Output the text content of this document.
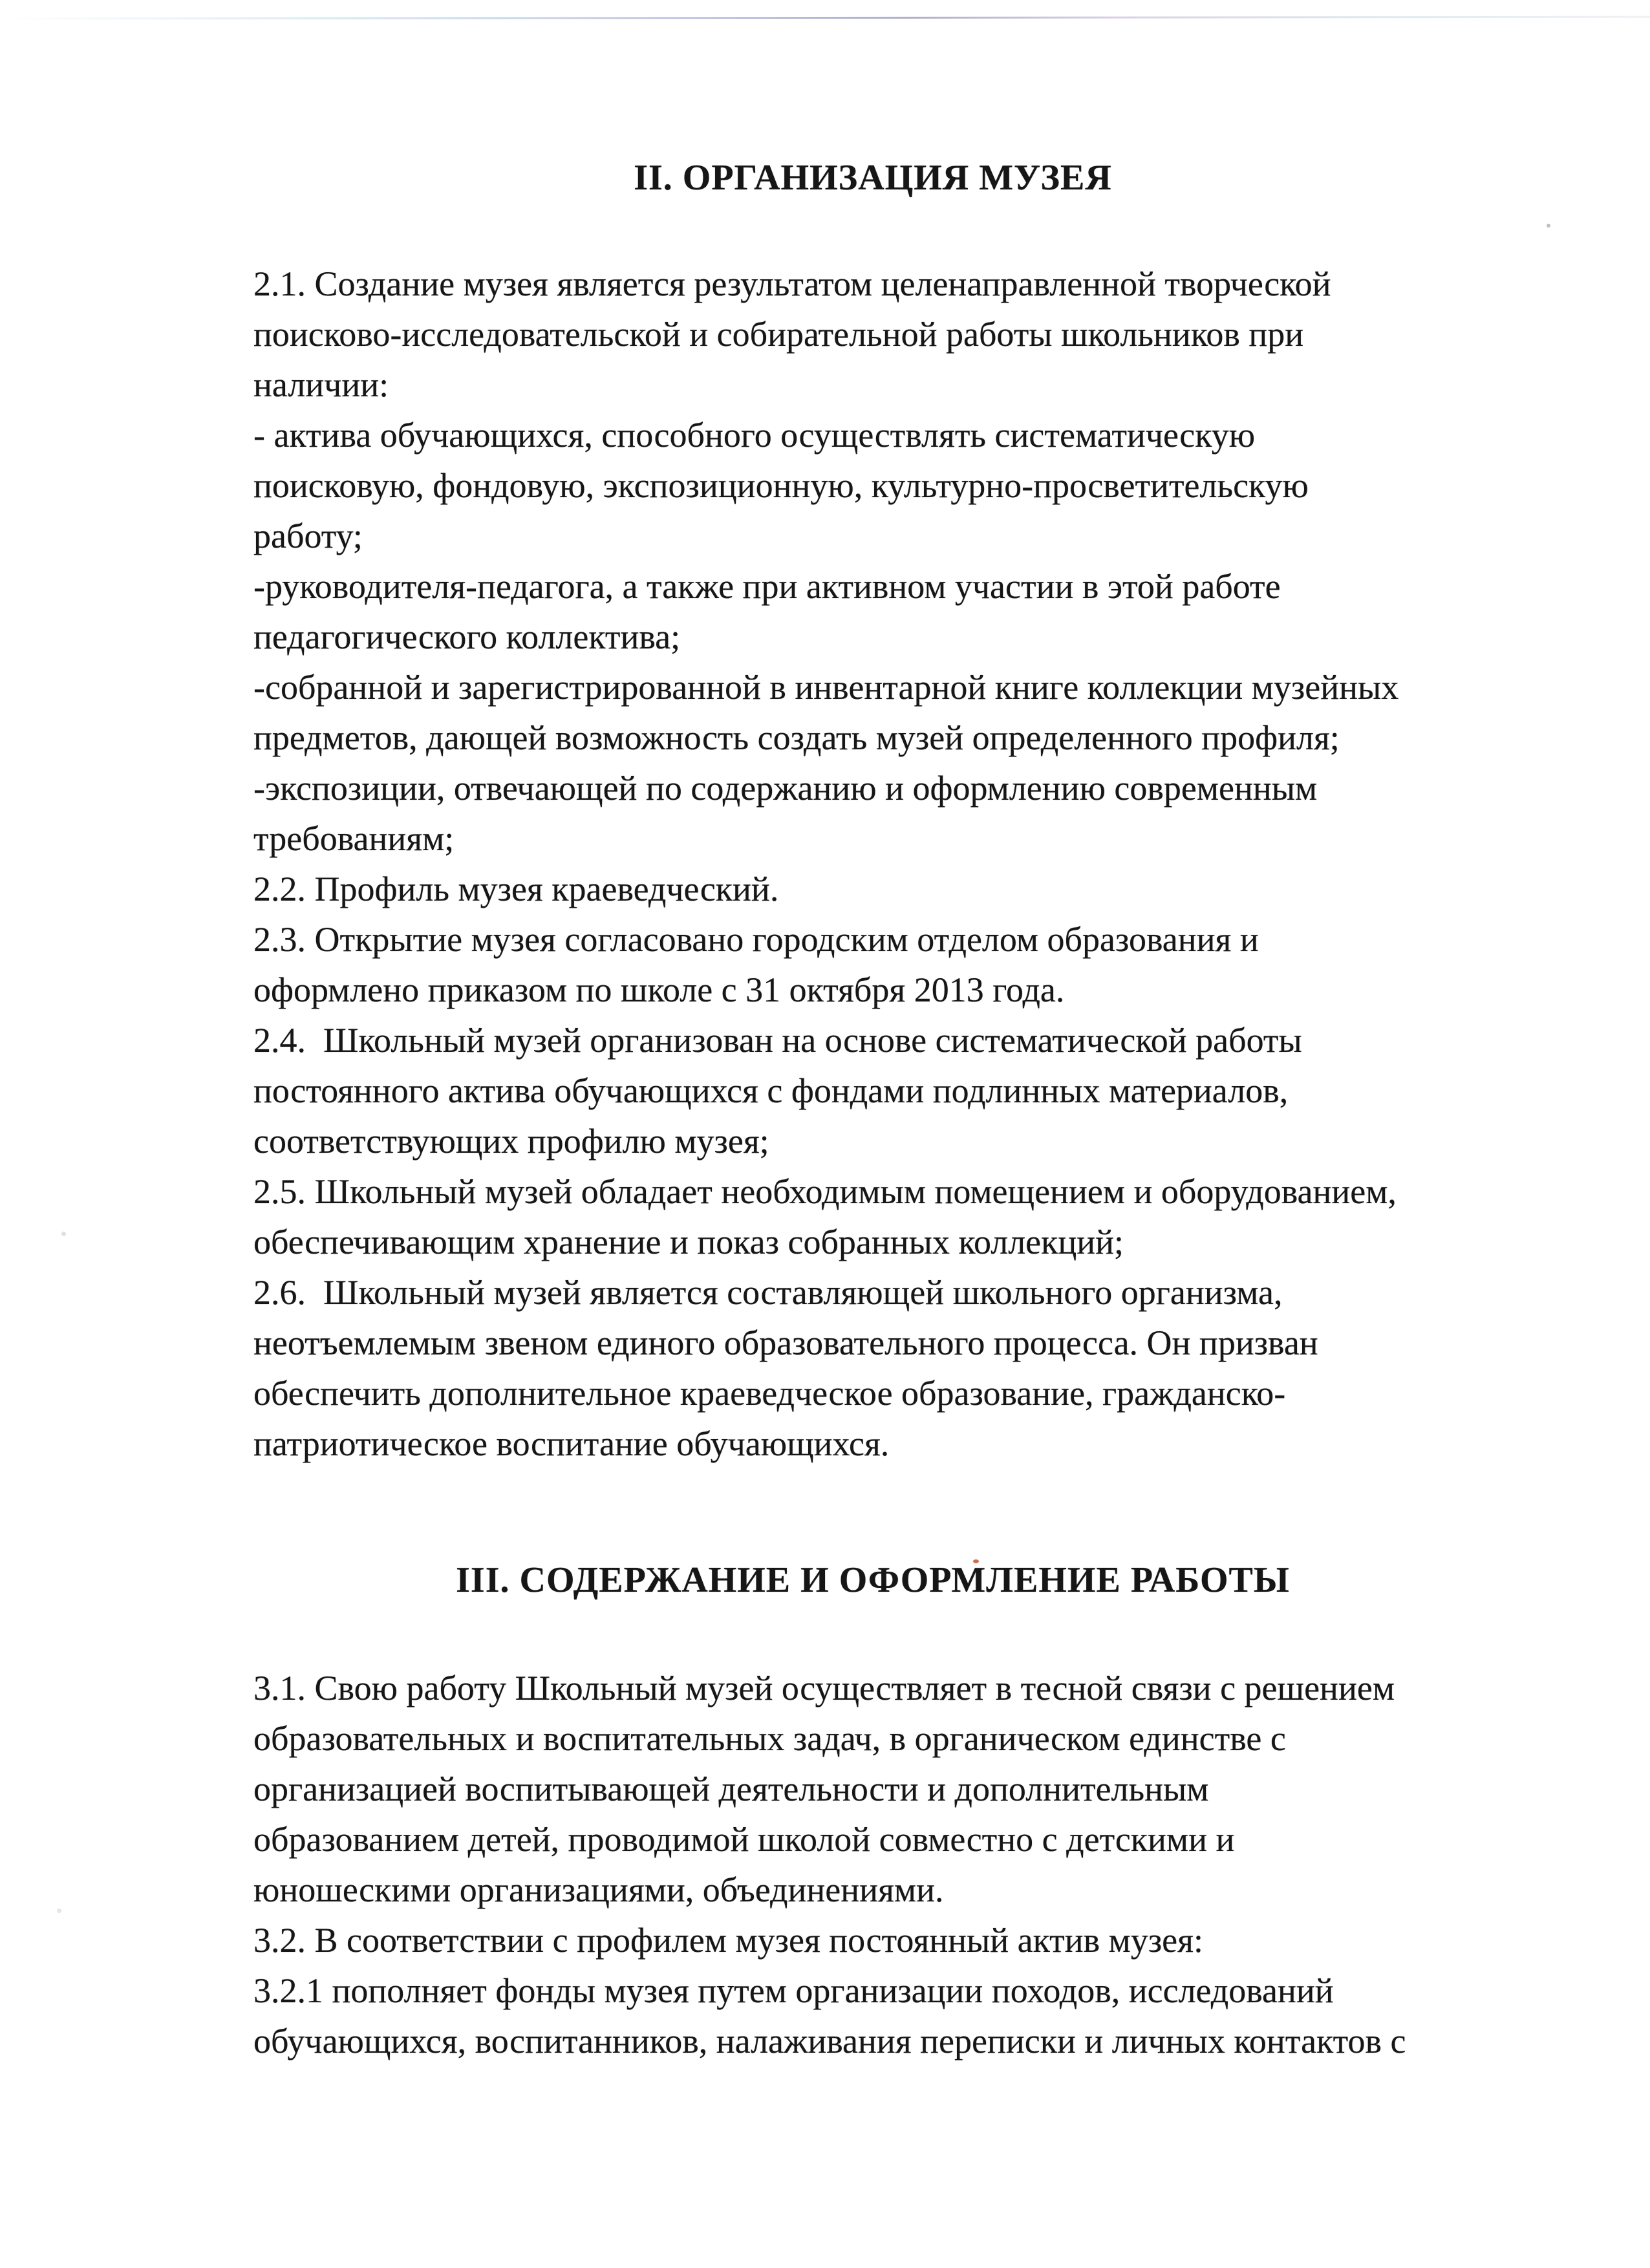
II. ОРГАНИЗАЦИЯ МУЗЕЯ
2.1. Создание музея является результатом целенаправленной творческой
поисково-исследовательской и собирательной работы школьников при
наличии:
- актива обучающихся, способного осуществлять систематическую
поисковую, фондовую, экспозиционную, культурно-просветительскую
работу;
-руководителя-педагога, а также при активном участии в этой работе
педагогического коллектива;
-собранной и зарегистрированной в инвентарной книге коллекции музейных
предметов, дающей возможность создать музей определенного профиля;
-экспозиции, отвечающей по содержанию и оформлению современным
требованиям;
2.2. Профиль музея краеведческий.
2.3. Открытие музея согласовано городским отделом образования и
оформлено приказом по школе с 31 октября 2013 года.
2.4.  Школьный музей организован на основе систематической работы
постоянного актива обучающихся с фондами подлинных материалов,
соответствующих профилю музея;
2.5. Школьный музей обладает необходимым помещением и оборудованием,
обеспечивающим хранение и показ собранных коллекций;
2.6.  Школьный музей является составляющей школьного организма,
неотъемлемым звеном единого образовательного процесса. Он призван
обеспечить дополнительное краеведческое образование, гражданско-
патриотическое воспитание обучающихся.
III. СОДЕРЖАНИЕ И ОФОРМЛЕНИЕ РАБОТЫ
3.1. Свою работу Школьный музей осуществляет в тесной связи с решением
образовательных и воспитательных задач, в органическом единстве с
организацией воспитывающей деятельности и дополнительным
образованием детей, проводимой школой совместно с детскими и
юношескими организациями, объединениями.
3.2. В соответствии с профилем музея постоянный актив музея:
3.2.1 пополняет фонды музея путем организации походов, исследований
обучающихся, воспитанников, налаживания переписки и личных контактов с
